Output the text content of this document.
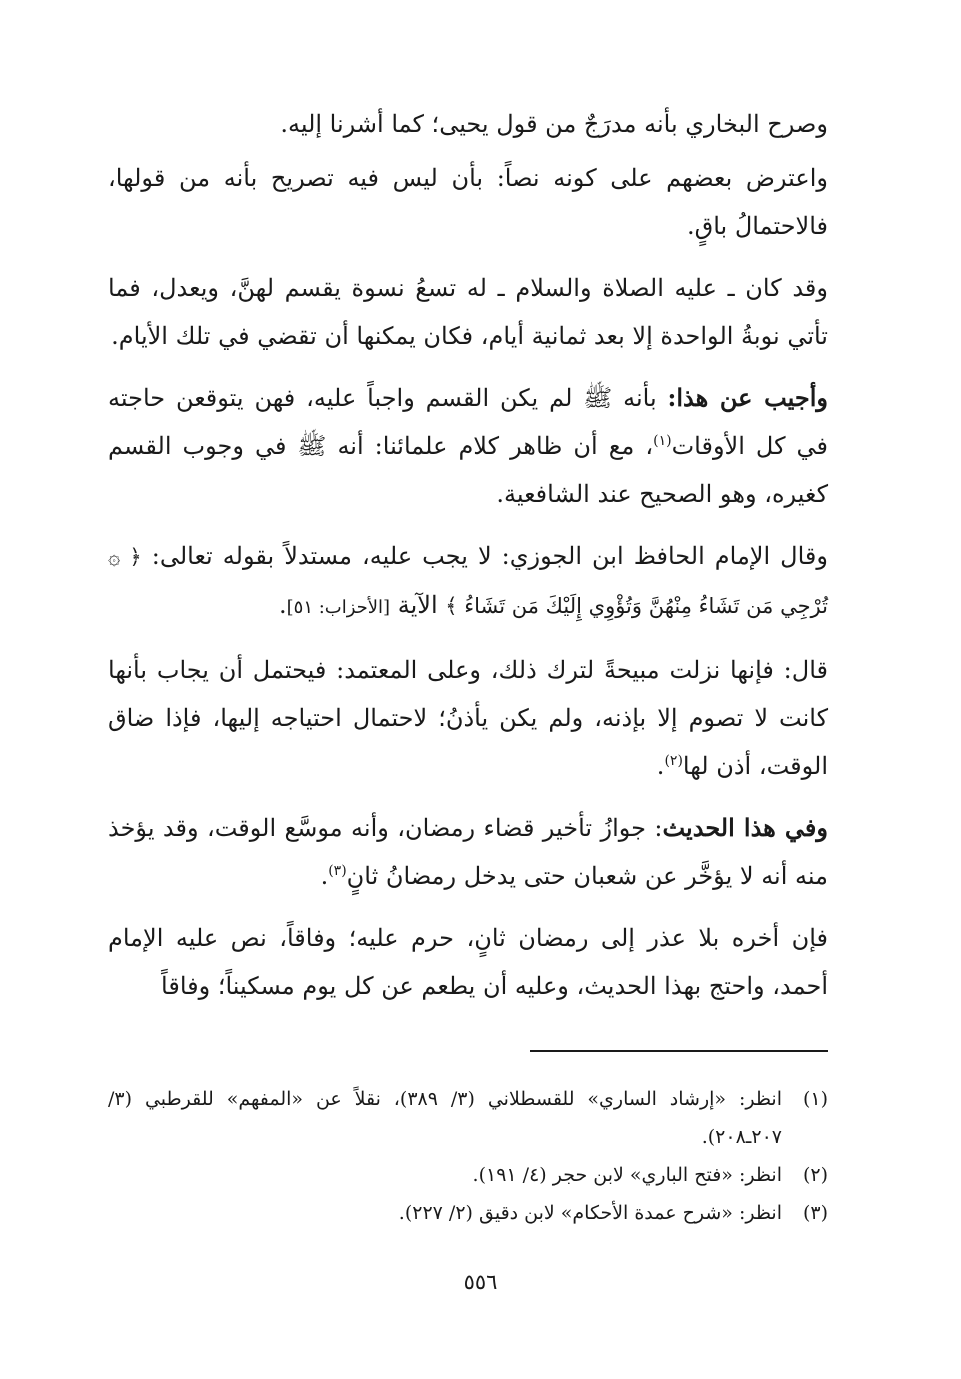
وصرح البخاري بأنه مدرَجٌ من قول يحيى؛ كما أشرنا إليه.

واعترض بعضهم على كونه نصاً: بأن ليس فيه تصريح بأنه من قولها، فالاحتمالُ باقٍ.

وقد كان ـ عليه الصلاة والسلام ـ له تسعُ نسوة يقسم لهنَّ، ويعدل، فما تأتي نوبةُ الواحدة إلا بعد ثمانية أيام، فكان يمكنها أن تقضي في تلك الأيام.

وأجيب عن هذا: بأنه ﷺ لم يكن القسم واجباً عليه، فهن يتوقعن حاجته في كل الأوقات$^{(١)}$، مع أن ظاهر كلام علمائنا: أنه ﷺ في وجوب القسم كغيره، وهو الصحيح عند الشافعية.

وقال الإمام الحافظ ابن الجوزي: لا يجب عليه، مستدلاً بقوله تعالى: ﴿ ۞ تُرْجِي مَن تَشَاءُ مِنْهُنَّ وَتُؤْوِي إِلَيْكَ مَن تَشَاءُ ﴾ الآية [الأحزاب: ٥١].

قال: فإنها نزلت مبيحةً لترك ذلك، وعلى المعتمد: فيحتمل أن يجاب بأنها كانت لا تصوم إلا بإذنه، ولم يكن يأذنُ؛ لاحتمال احتياجه إليها، فإذا ضاق الوقت، أذن لها$^{(٢)}$.

وفي هذا الحديث: جوازُ تأخير قضاء رمضان، وأنه موسَّع الوقت، وقد يؤخذ منه أنه لا يؤخَّر عن شعبان حتى يدخل رمضانُ ثانٍ$^{(٣)}$.

فإن أخره بلا عذر إلى رمضان ثانٍ، حرم عليه؛ وفاقاً، نص عليه الإمام أحمد، واحتج بهذا الحديث، وعليه أن يطعم عن كل يوم مسكيناً؛ وفاقاً

(١)
انظر: «إرشاد الساري» للقسطلاني (٣/ ٣٨٩)، نقلاً عن «المفهم» للقرطبي (٣/ ٢٠٧ـ٢٠٨).
(٢)
انظر: «فتح الباري» لابن حجر (٤/ ١٩١).
(٣)
انظر: «شرح عمدة الأحكام» لابن دقيق (٢/ ٢٢٧).
٥٥٦
